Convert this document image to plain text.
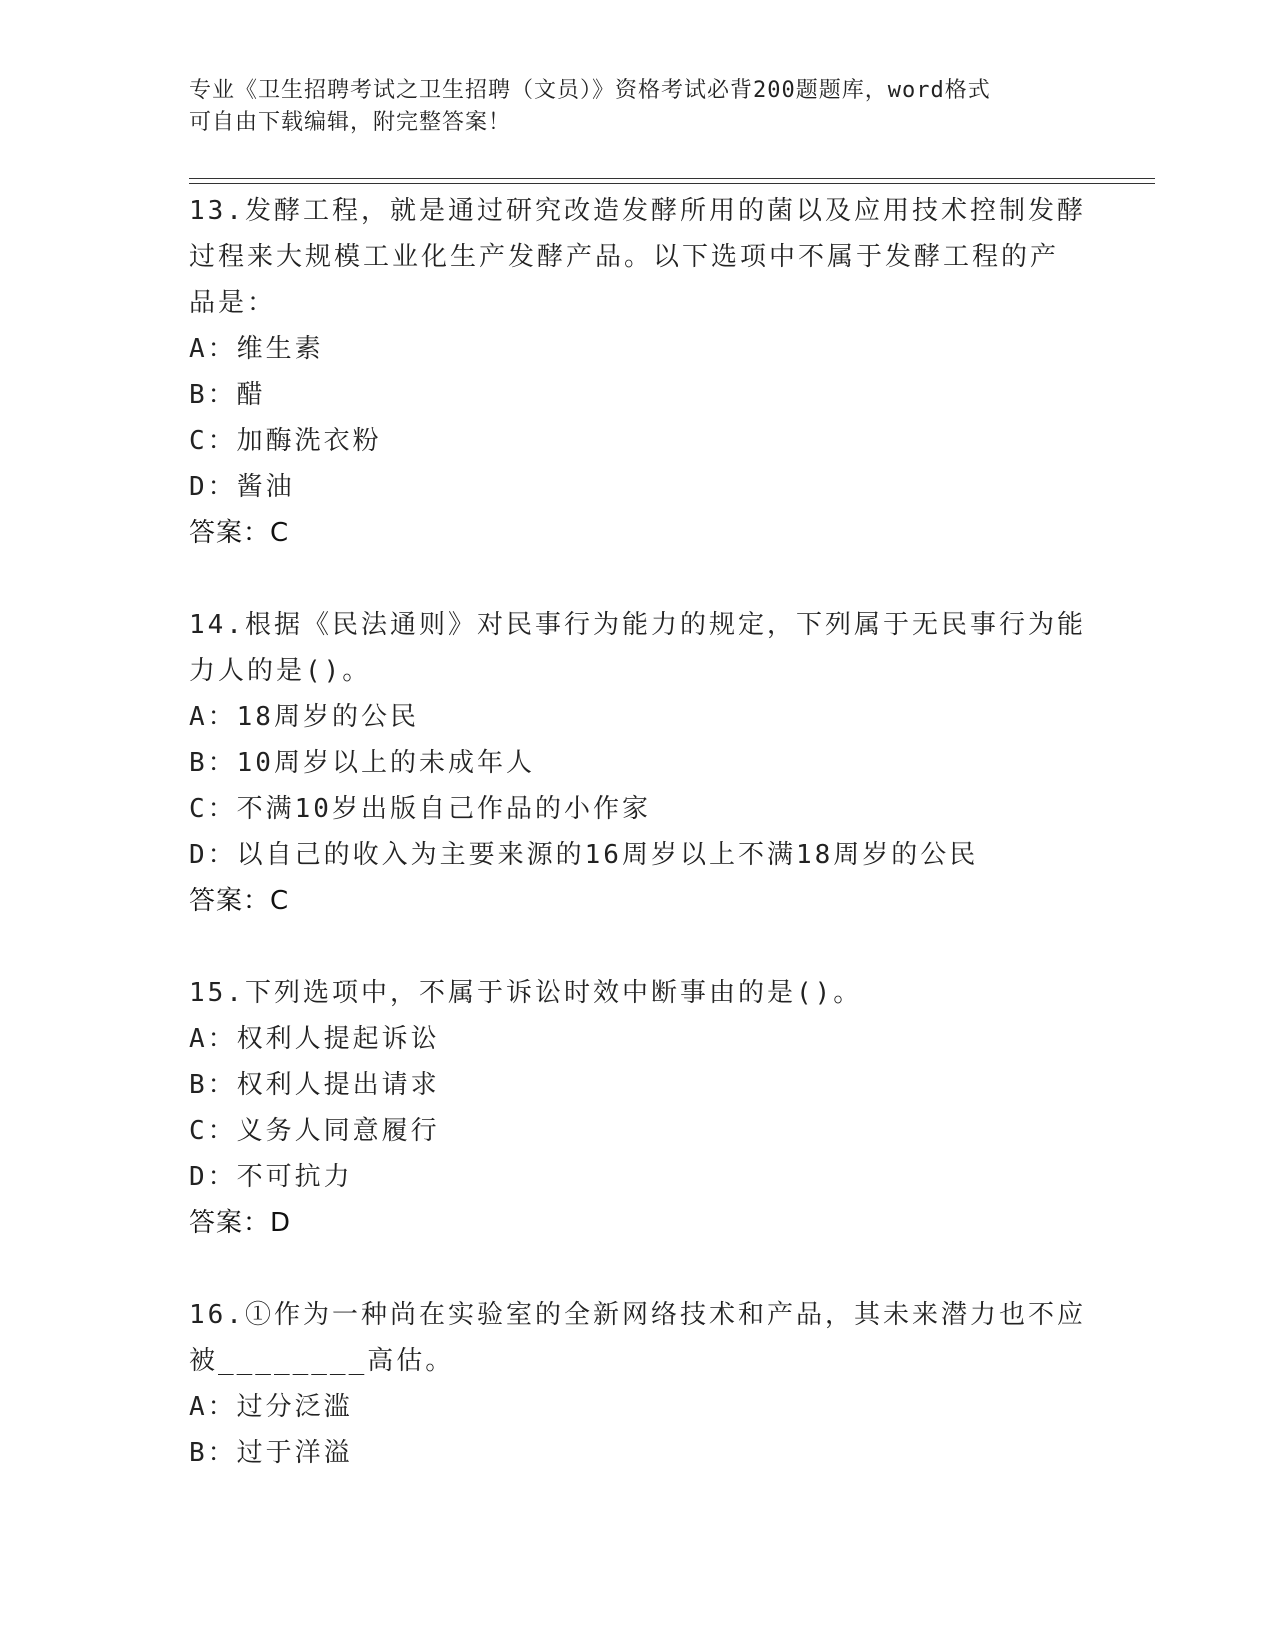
专业《卫生招聘考试之卫生招聘（文员）》资格考试必背200题题库，word格式
可自由下载编辑，附完整答案！
13.发酵工程，就是通过研究改造发酵所用的菌以及应用技术控制发酵
过程来大规模工业化生产发酵产品。以下选项中不属于发酵工程的产
品是：
A：维生素
B：醋
C：加酶洗衣粉
D：酱油
答案：C
14.根据《民法通则》对民事行为能力的规定，下列属于无民事行为能
力人的是()。
A：18周岁的公民
B：10周岁以上的未成年人
C：不满10岁出版自己作品的小作家
D：以自己的收入为主要来源的16周岁以上不满18周岁的公民
答案：C
15.下列选项中，不属于诉讼时效中断事由的是()。
A：权利人提起诉讼
B：权利人提出请求
C：义务人同意履行
D：不可抗力
答案：D
16.①作为一种尚在实验室的全新网络技术和产品，其未来潜力也不应
被________高估。
A：过分泛滥
B：过于洋溢
